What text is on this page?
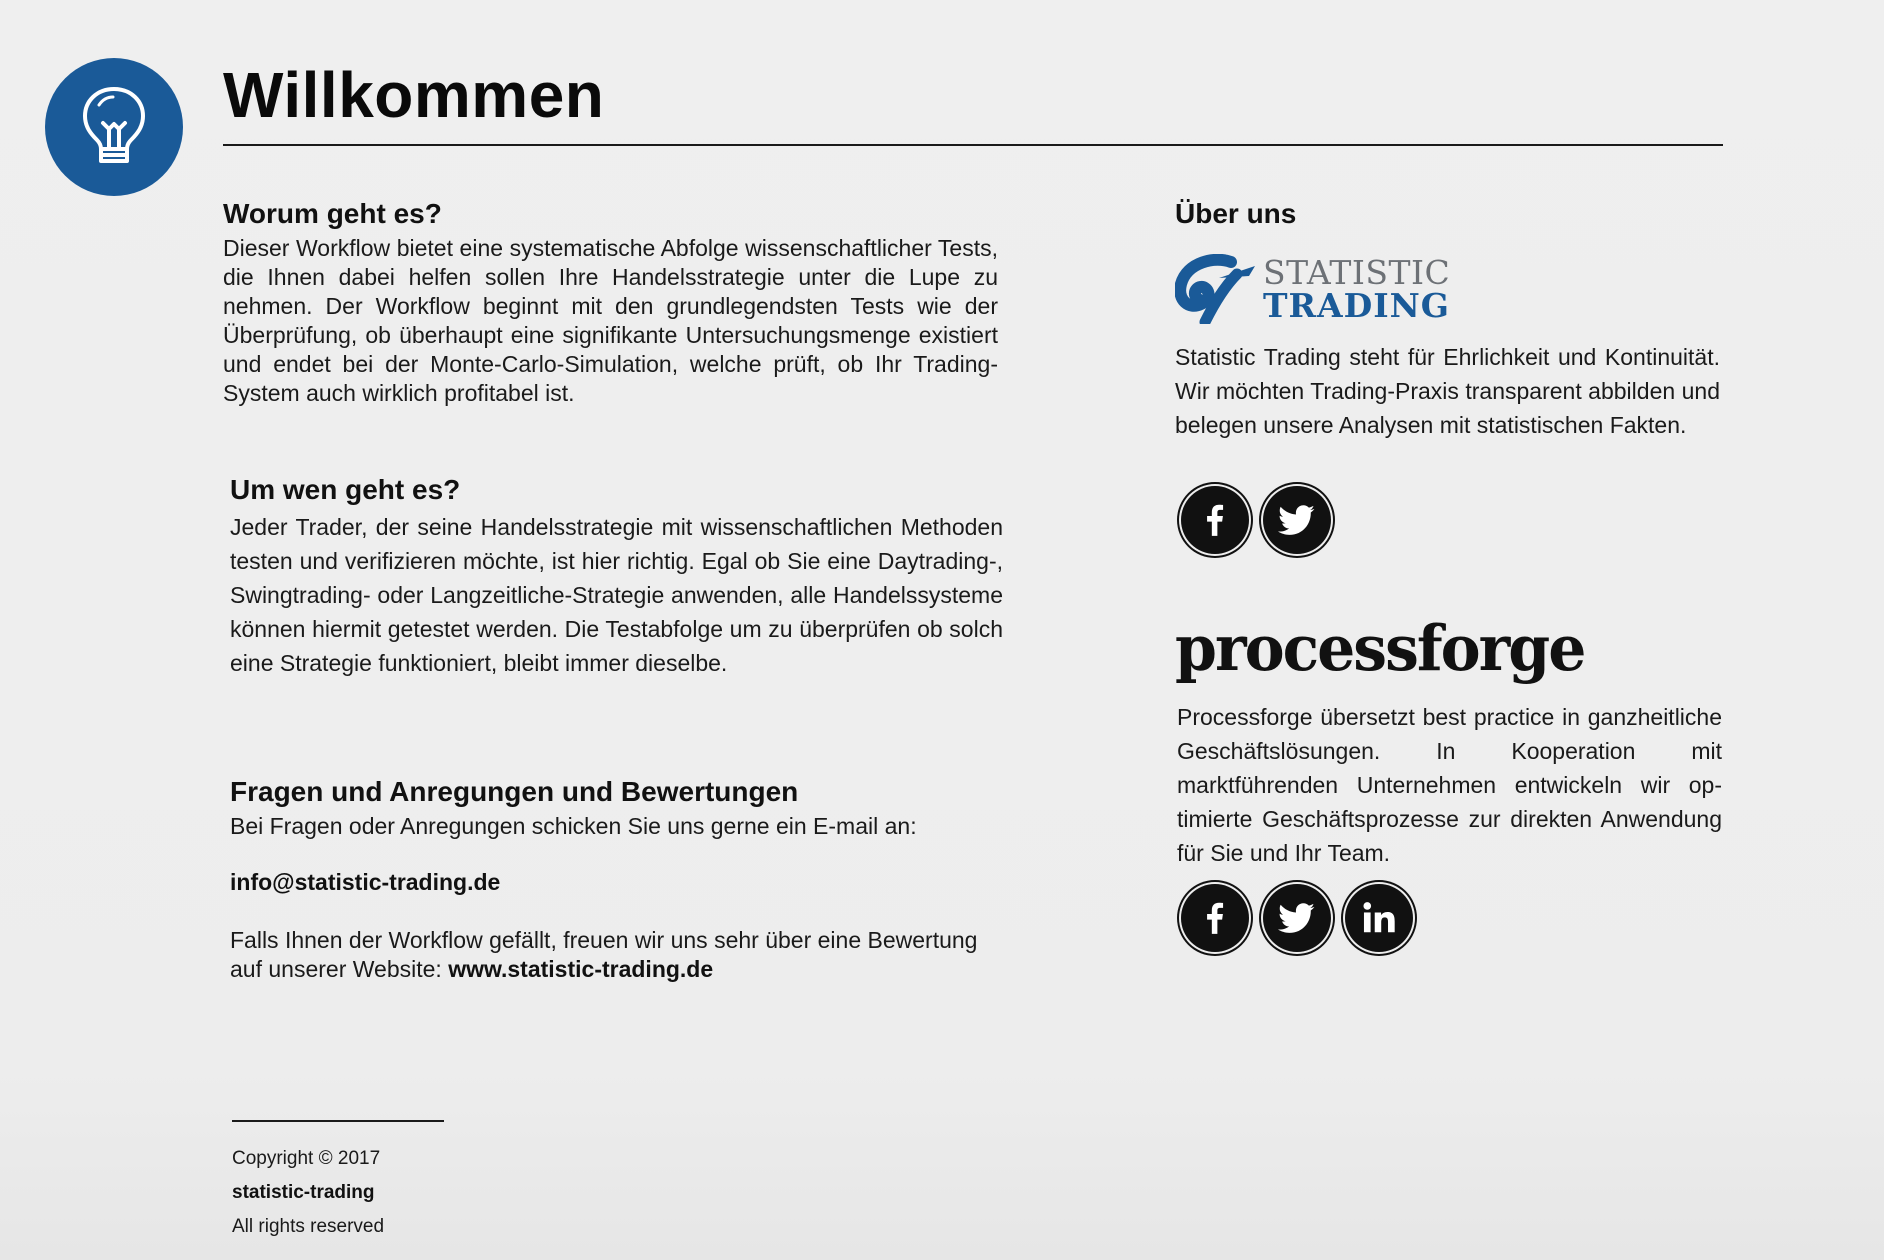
Willkommen
Worum geht es?

Dieser Workflow bietet eine systematische Abfolge wissenschaftlicher Tests, die Ihnen dabei helfen sollen Ihre Handelsstrategie unter die Lupe zu nehmen. Der Workflow beginnt mit den grundlegendsten Tests wie der Überprüfung, ob überhaupt eine signifikante Untersuchungsmenge existiert und endet bei der Monte-Carlo-Simulation, welche prüft, ob Ihr Trading-System auch wirklich profitabel ist.

Um wen geht es?

Jeder Trader, der seine Handelsstrategie mit wissenschaftlichen Methoden testen und verifizieren möchte, ist hier richtig. Egal ob Sie eine Daytrading-, Swingtrading- oder Langzeitliche-Strategie anwenden, alle Handelssysteme können hiermit getestet werden. Die Testabfolge um zu überprüfen ob solch eine Strategie funktioniert, bleibt immer dieselbe.

Fragen und Anregungen und Bewertungen

Bei Fragen oder Anregungen schicken Sie uns gerne ein E-mail an:

info@statistic-trading.de

Falls Ihnen der Workflow gefällt, freuen wir uns sehr über eine Bewertung auf unserer Website: www.statistic-trading.de

Über uns
STATISTIC
TRADING

Statistic Trading steht für Ehrlichkeit und Kontinuität. Wir möchten Trading-Praxis transparent abbilden und belegen unsere Analysen mit statistischen Fakten.

processforge

Processforge übersetzt best practice in ganzheitliche Geschäftslösungen. In Kooperation mit marktführenden Unternehmen entwickeln wir optimierte Geschäftsprozesse zur direkten Anwendung für Sie und Ihr Team.

Copyright © 2017

statistic-trading

All rights reserved
